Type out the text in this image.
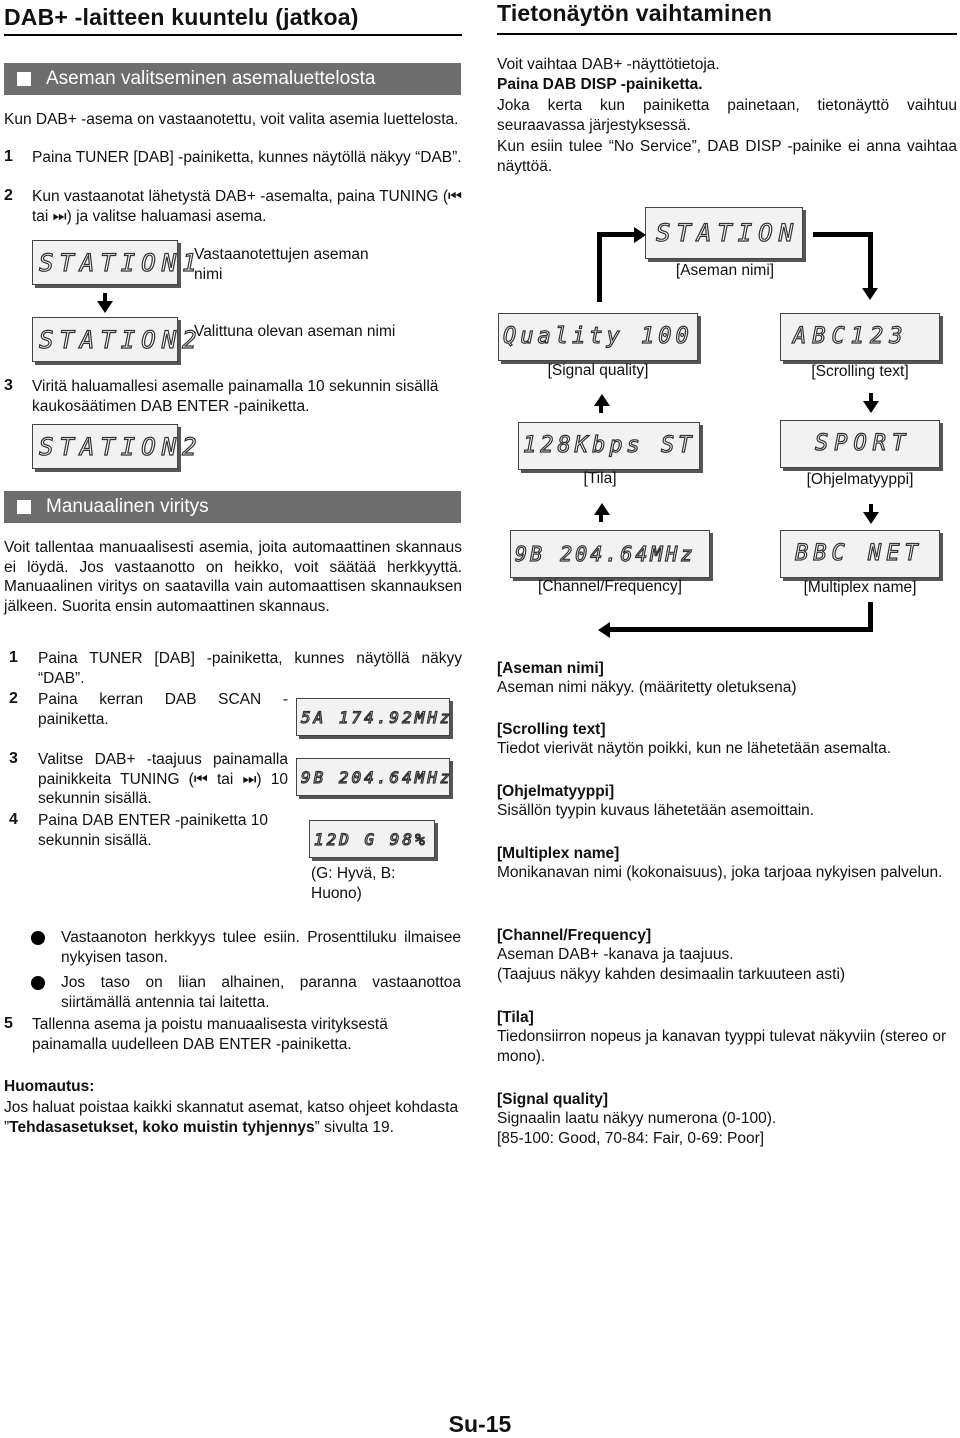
DAB+ -laitteen kuuntelu (jatkoa)
Aseman valitseminen asemaluettelosta

Kun DAB+ -asema on vastaanotettu, voit valita asemia luettelosta.

1 Paina TUNER [DAB] -painiketta, kunnes näytöllä näkyy “DAB”.

2 Kun vastaanotat lähetystä DAB+ -asemalta, paina TUNING (⏮ tai ⏭) ja valitse haluamasi asema.

STATION1

Vastaanotettujen aseman nimi

STATION2

Valittuna olevan aseman nimi

3 Viritä haluamallesi asemalle painamalla 10 sekunnin sisällä kaukosäätimen DAB ENTER -painiketta.

STATION2
Manuaalinen viritys

Voit tallentaa manuaalisesti asemia, joita automaattinen skannaus ei löydä. Jos vastaanotto on heikko, voit säätää herkkyyttä. Manuaalinen viritys on saatavilla vain automaattisen skannauksen jälkeen. Suorita ensin automaattinen skannaus.

1 Paina TUNER [DAB] -painiketta, kunnes näytöllä näkyy “DAB”.

2 Paina kerran DAB SCAN -painiketta.	5A 174.92MHz
3 Valitse DAB+ -taajuus painamalla painikkeita TUNING (⏮ tai ⏭) 10 sekunnin sisällä.

9B 204.64MHz
4 Paina DAB ENTER -painiketta 10 sekunnin sisällä.	12D G 98%

(G: Hyvä, B: Huono)

Vastaanoton herkkyys tulee esiin. Prosenttiluku ilmaisee nykyisen tason.

Jos taso on liian alhainen, paranna vastaanottoa siirtämällä antennia tai laitetta.

5 Tallenna asema ja poistu manuaalisesta virityksestä painamalla uudelleen DAB ENTER -painiketta.

Huomautus:

Jos haluat poistaa kaikki skannatut asemat, katso ohjeet kohdasta ”Tehdasasetukset, koko muistin tyhjennys” sivulta 19.

Tietonäytön vaihtaminen

Voit vaihtaa DAB+ -näyttötietoja.

Paina DAB DISP -painiketta.

Joka kerta kun painiketta painetaan, tietonäyttö vaihtuu seuraavassa järjestyksessä.

Kun esiin tulee “No Service”, DAB DISP -painike ei anna vaihtaa näyttöä.

STATION
[Aseman nimi]
Quality 100
[Signal quality]
ABC123
[Scrolling text]
128Kbps ST
[Tila]
SPORT
[Ohjelmatyyppi]
9B 204.64MHz
[Channel/Frequency]
BBC NET
[Multiplex name]
[Aseman nimi]

Aseman nimi näkyy. (määritetty oletuksena)

[Scrolling text]

Tiedot vierivät näytön poikki, kun ne lähetetään asemalta.

[Ohjelmatyyppi]

Sisällön tyypin kuvaus lähetetään asemoittain.

[Multiplex name]

Monikanavan nimi (kokonaisuus), joka tarjoaa nykyisen palvelun.

[Channel/Frequency]

Aseman DAB+ -kanava ja taajuus.

(Taajuus näkyy kahden desimaalin tarkuuteen asti)

[Tila]

Tiedonsiirron nopeus ja kanavan tyyppi tulevat näkyviin (stereo or mono).

[Signal quality]

Signaalin laatu näkyy numerona (0-100).

[85-100: Good, 70-84: Fair, 0-69: Poor]

Su-15
